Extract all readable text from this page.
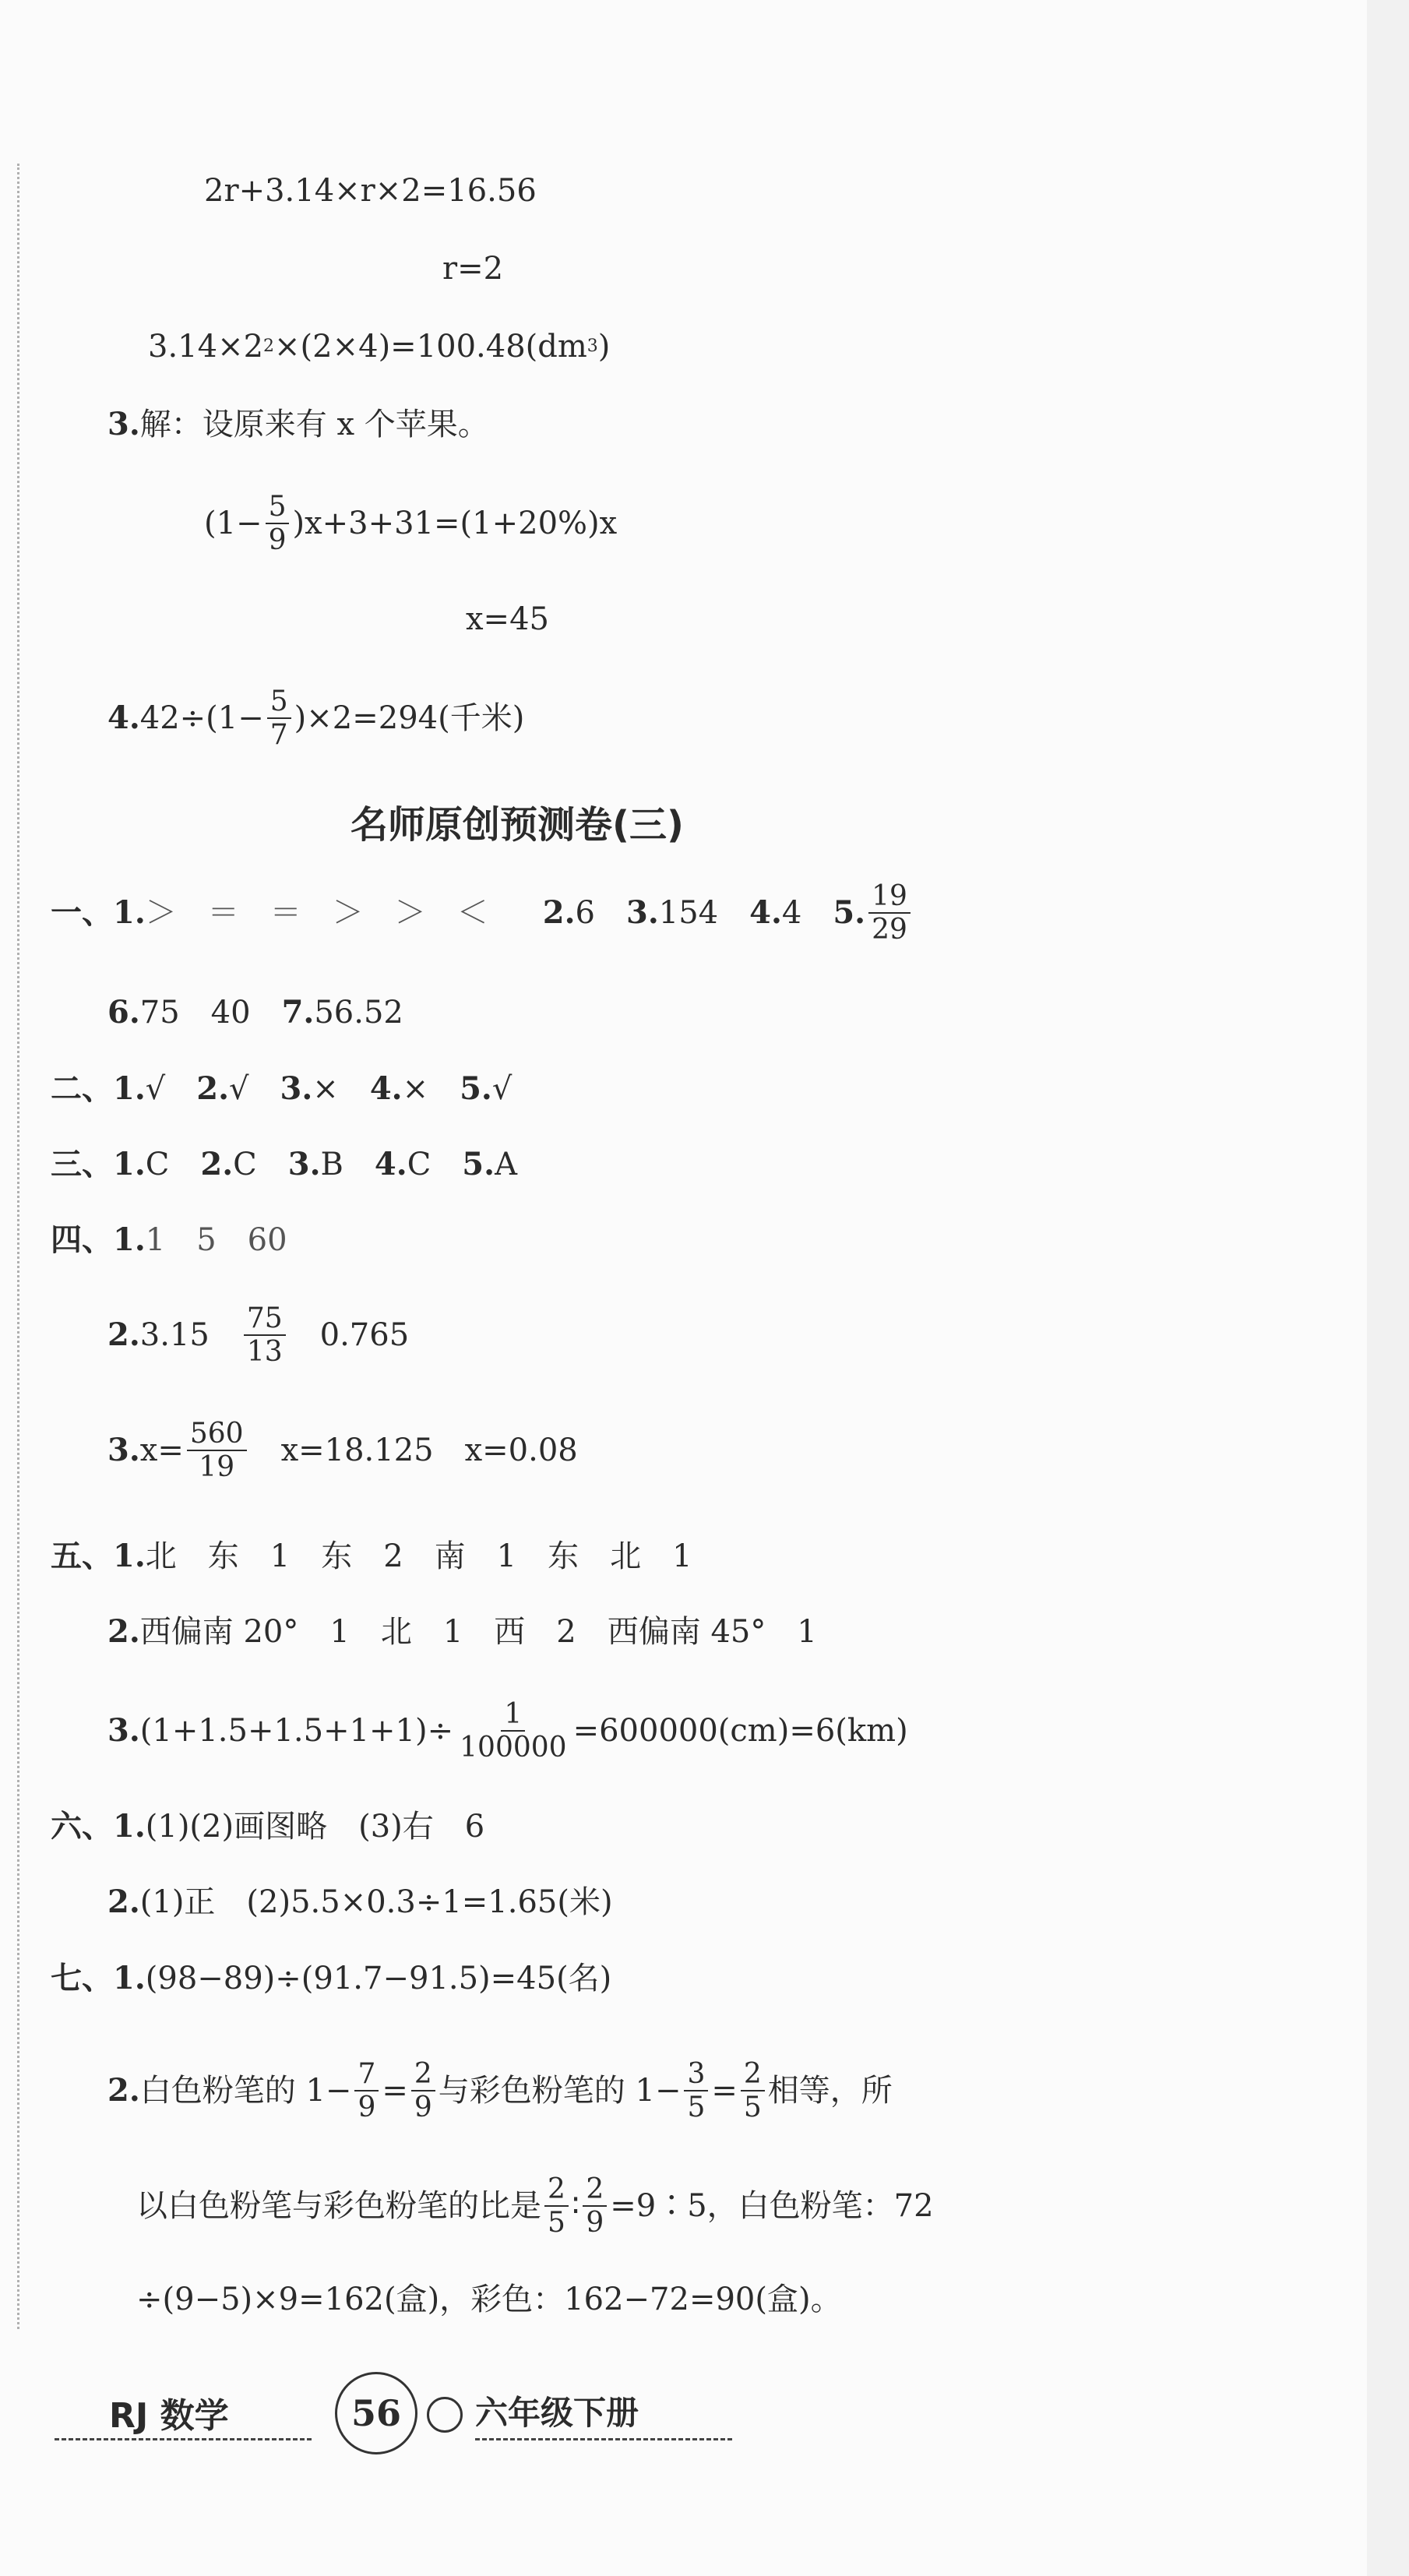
2r+3.14×r×2=16.56
r=2
3.14×2 2 ×(2×4)=100.48(dm 3 )
3. 解：设原来有 x 个苹果。
$(1- \frac{5}{9} )x+3+31=(1+20\%)x$
x=45
4. $42\div(1- \frac{5}{7} )\times 2=294$(千米)
名师原创预测卷(三)
一、1. ＞　＝　＝　＞　＞　＜ 2. 6 3. 154 4. 4 5. $\frac{19}{29}$
6. 75　40 7. 56.52
二、1. √ 2. √ 3. × 4. × 5. √
三、1. C 2. C 3. B 4. C 5. A
四、1. 1　5　60
2. $3.15 \frac{75}{13} 0.765$
3. $x= \frac{560}{19} x=18.125$　x=0.08
五、1. 北　东　1　东　2　南　1　东　北　1
2. 西偏南 20°　1　北　1　西　2　西偏南 45°　1
3. $(1+1.5+1.5+1+1)\div \frac{1}{100000} =600000(cm)=6(km)$
六、1. (1)(2)画图略　(3)右　6
2. (1)正　(2)5.5×0.3÷1=1.65(米)
七、1. (98−89)÷(91.7−91.5)=45(名)
2. 白色粉笔的 $1- \frac{7}{9} = \frac{2}{9}$ 与彩色粉笔的 $1- \frac{3}{5} = \frac{2}{5}$ 相等，所
以白色粉笔与彩色粉笔的比是 $\frac{2}{5}$ ∶ $\frac{2}{9}$ =9∶5，白色粉笔：72
÷(9−5)×9=162(盒)，彩色：162−72=90(盒)。
RJ 数学	56	六年级下册
